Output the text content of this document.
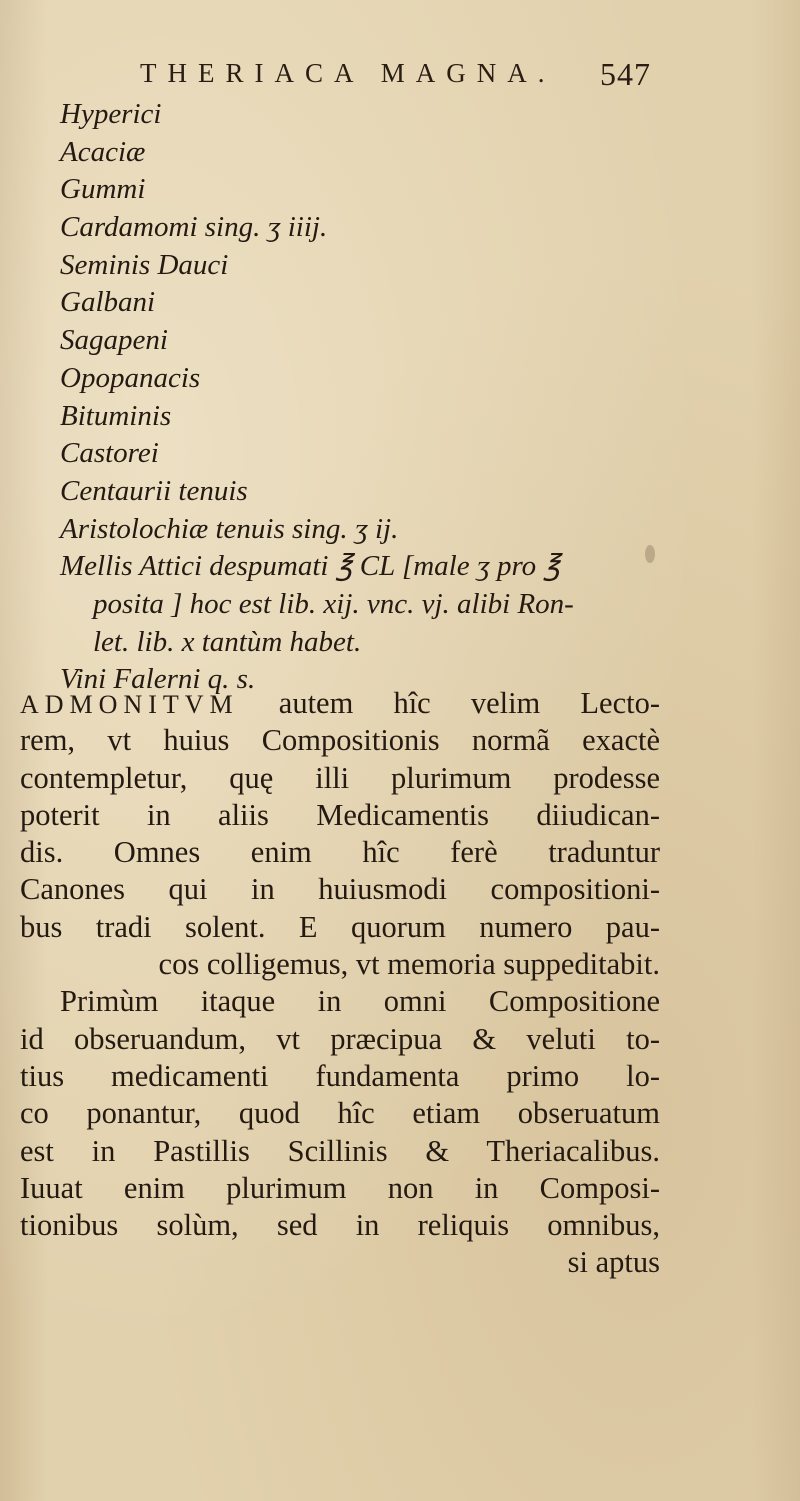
THERIACA MAGNA. 547
Hyperici
Acaciæ
Gummi
Cardamomi sing. ʒ iiij.
Seminis Dauci
Galbani
Sagapeni
Opopanacis
Bituminis
Castorei
Centaurii tenuis
Aristolochiæ tenuis sing. ʒ ij.
Mellis Attici despumati ℥ CL [male ʒ pro ℥
posita ] hoc est lib. xij. vnc. vj. alibi Ron-
let. lib. x tantùm habet.
Vini Falerni q. s.
ADMONITVM autem hîc velim Lecto-
rem, vt huius Compositionis normã exactè
contempletur, quę illi plurimum prodesse
poterit in aliis Medicamentis diiudican-
dis. Omnes enim hîc ferè traduntur
Canones qui in huiusmodi compositioni-
bus tradi solent. E quorum numero pau-
cos colligemus, vt memoria suppeditabit.
Primùm itaque in omni Compositione
id obseruandum, vt præcipua & veluti to-
tius medicamenti fundamenta primo lo-
co ponantur, quod hîc etiam obseruatum
est in Pastillis Scillinis & Theriacalibus.
Iuuat enim plurimum non in Composi-
tionibus solùm, sed in reliquis omnibus,
si aptus
